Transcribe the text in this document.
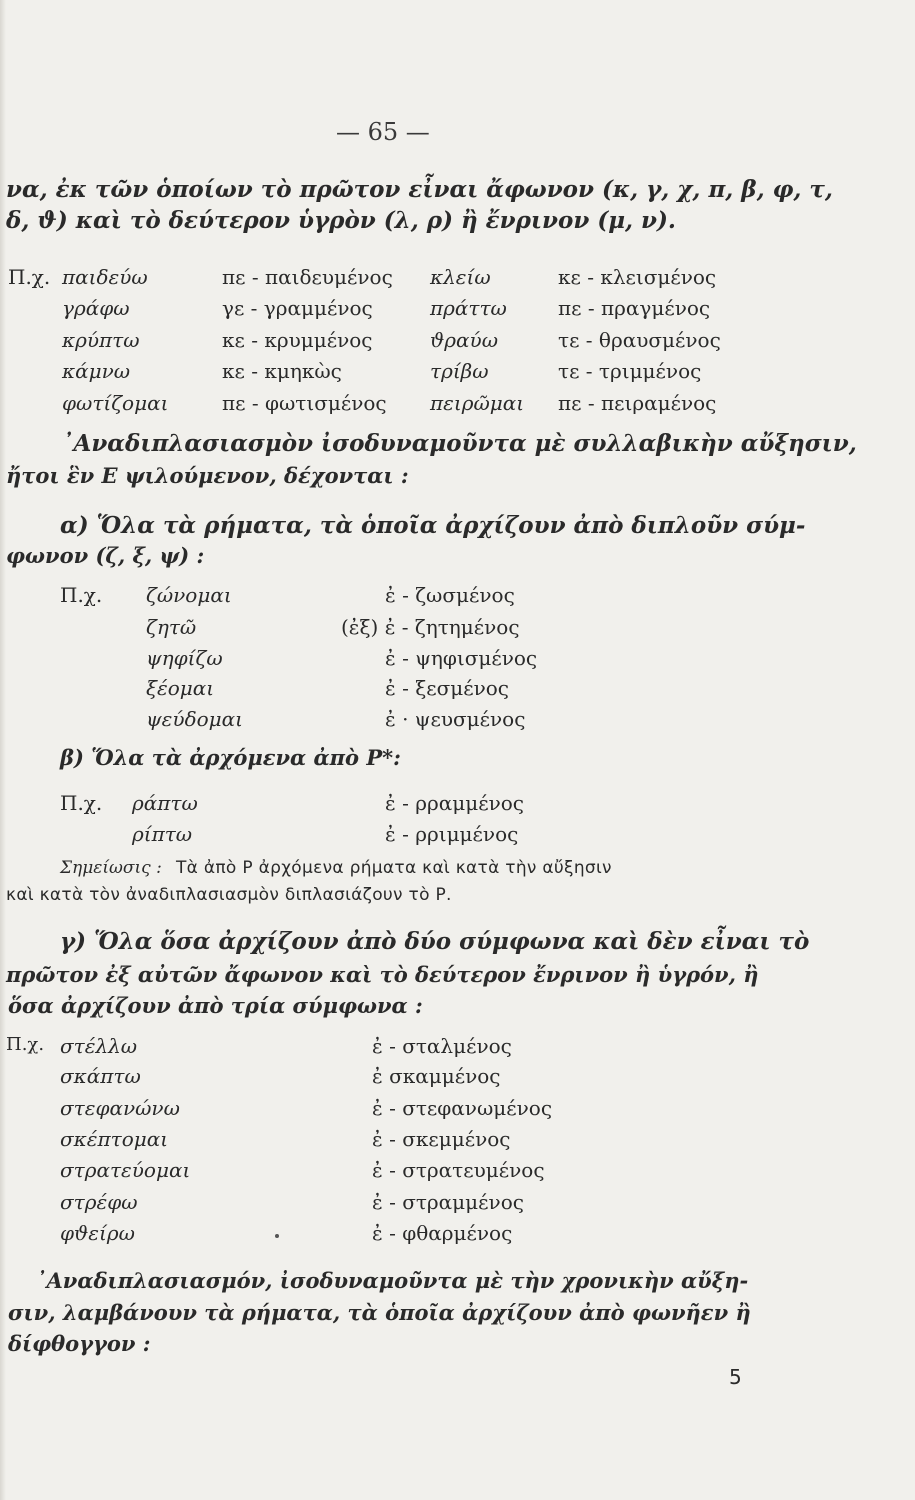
— 65 —
να, ἐκ τῶν ὁποίων τὸ πρῶτον εἶναι ἄφωνον (κ, γ, χ, π, β, φ, τ,
δ, ϑ) καὶ τὸ δεύτερον ὑγρὸν (λ, ρ) ἢ ἔνρινον (μ, ν).
Π.χ. παιδεύω	πε - παιδευμένος κλείω	κε - κλεισμένος
γράφω	γε - γραμμένος	πράττω	πε - πραγμένος
κρύπτω	κε - κρυμμένος	ϑραύω	τε - θραυσμένος
κάμνω	κε - κμηκὼς	τρίβω	τε - τριμμένος
φωτίζομαι	πε - φωτισμένος πειρῶμαι πε - πειραμένος
᾿Αναδιπλασιασμὸν ἰσοδυναμοῦντα μὲ συλλαβικὴν αὔξησιν,
ἤτοι ἓν Ε ψιλούμενον, δέχονται :
α) Ὅλα τὰ ρήματα, τὰ ὁποῖα ἀρχίζουν ἀπὸ διπλοῦν σύμ-
φωνον (ζ, ξ, ψ) :
Π.χ. ζώνομαι	ἐ - ζωσμένος
ζητῶ	(ἐξ) ἐ - ζητημένος
ψηφίζω	ἐ - ψηφισμένος
ξέομαι	ἐ - ξεσμένος
ψεύδομαι	ἐ · ψευσμένος
β) Ὅλα τὰ ἀρχόμενα ἀπὸ Ρ*:
Π.χ. ράπτω	ἐ - ρραμμένος
ρίπτω	ἐ - ρριμμένος
Σημείωσις : Τὰ ἀπὸ Ρ ἀρχόμενα ρήματα καὶ κατὰ τὴν αὔξησιν
καὶ κατὰ τὸν ἀναδιπλασιασμὸν διπλασιάζουν τὸ Ρ.
γ) Ὅλα ὅσα ἀρχίζουν ἀπὸ δύο σύμφωνα καὶ δὲν εἶναι τὸ
πρῶτον ἐξ αὐτῶν ἄφωνον καὶ τὸ δεύτερον ἔνρινον ἢ ὑγρόν, ἢ
ὅσα ἀρχίζουν ἀπὸ τρία σύμφωνα :
Π.χ. στέλλω	ἐ - σταλμένος
σκάπτω	ἐ σκαμμένος
στεφανώνω	ἐ - στεφανωμένος
σκέπτομαι	ἐ - σκεμμένος
στρατεύομαι	ἐ - στρατευμένος
στρέφω	ἐ - στραμμένος
φϑείρω	ἐ - φθαρμένος
᾿Αναδιπλασιασμόν, ἰσοδυναμοῦντα μὲ τὴν χρονικὴν αὔξη-
σιν, λαμβάνουν τὰ ρήματα, τὰ ὁποῖα ἀρχίζουν ἀπὸ φωνῆεν ἢ
δίφθογγον :
5
